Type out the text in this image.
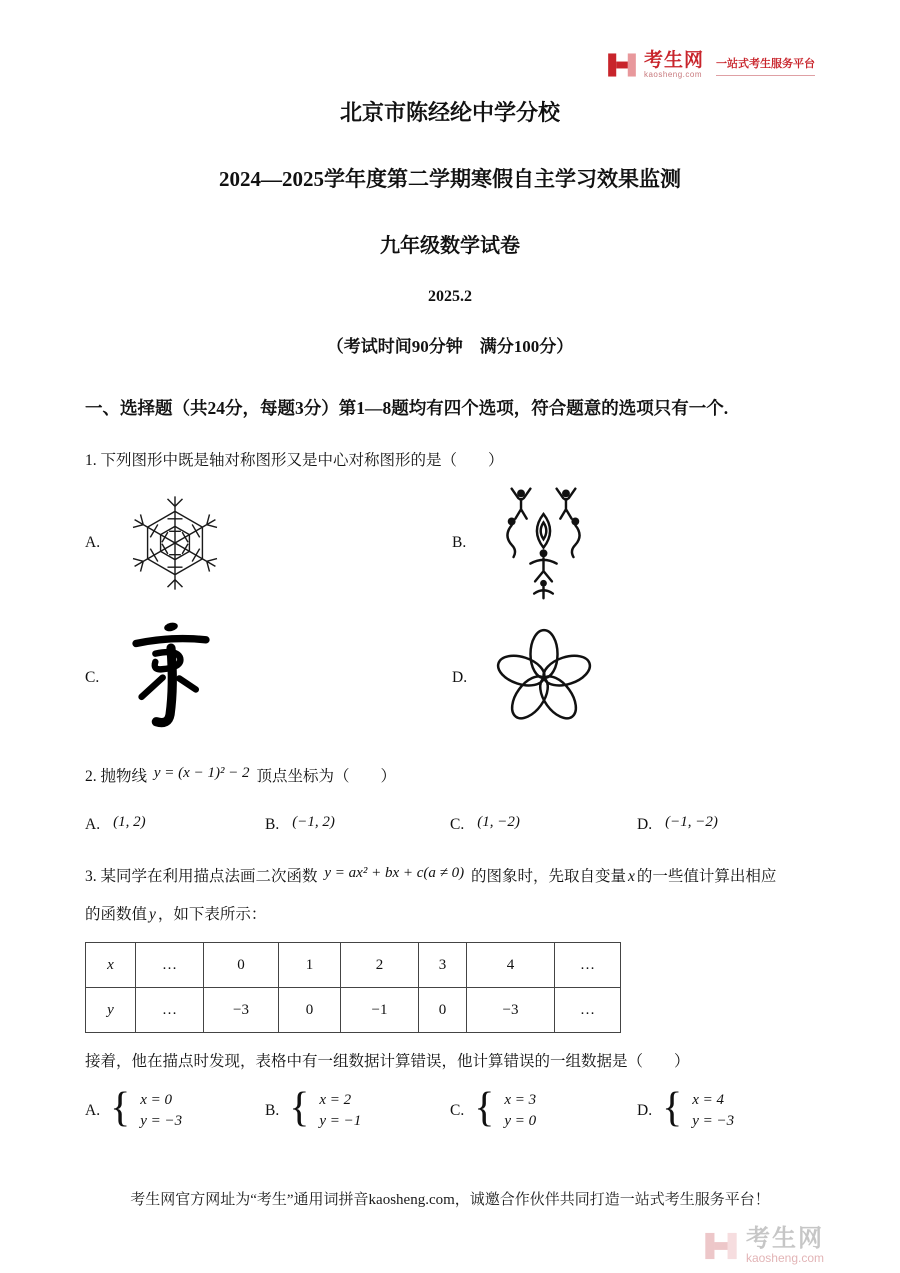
考生网
kaosheng.com
一站式考生服务平台
北京市陈经纶中学分校
2024—2025学年度第二学期寒假自主学习效果监测
九年级数学试卷
2025.2
（考试时间90分钟　满分100分）
一、选择题（共24分，每题3分）第1—8题均有四个选项，符合题意的选项只有一个.
1. 下列图形中既是轴对称图形又是中心对称图形的是（　　）
A.	B.
C.	D.
2. 抛物线 y = (x − 1)² − 2 顶点坐标为（　　）
A. (1, 2)	B. (−1, 2)	C. (1, −2)	D. (−1, −2)
3. 某同学在利用描点法画二次函数 y = ax² + bx + c(a ≠ 0) 的图象时，先取自变量 x 的一些值计算出相应
的函数值 y ，如下表所示：
x	…	0	1	2	3	4	…
y	…	−3	0	−1	0	−3	…
接着，他在描点时发现，表格中有一组数据计算错误，他计算错误的一组数据是（　　）
A. { x = 0
y = −3
B. { x = 2
y = −1
C. { x = 3
y = 0
D. { x = 4
y = −3
考生网官方网址为“考生”通用词拼音kaosheng.com，诚邀合作伙伴共同打造一站式考生服务平台！
考生网
kaosheng.com
